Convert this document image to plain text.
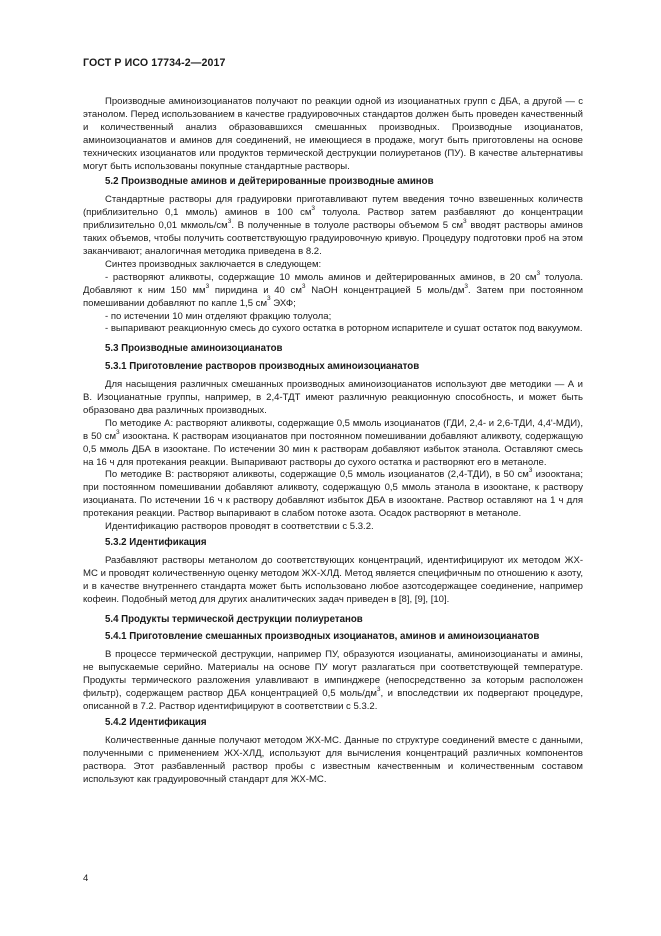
ГОСТ Р ИСО 17734-2—2017

Производные аминоизоцианатов получают по реакции одной из изоцианатных групп с ДБА, а другой — с этанолом. Перед использованием в качестве градуировочных стандартов должен быть проведен качественный и количественный анализ образовавшихся смешанных производных. Производные изоцианатов, аминоизоцианатов и аминов для соединений, не имеющиеся в продаже, могут быть приготовлены на основе технических изоцианатов или продуктов термической деструкции полиуретанов (ПУ). В качестве альтернативы могут быть использованы покупные стандартные растворы.

5.2 Производные аминов и дейтерированные производные аминов

Стандартные растворы для градуировки приготавливают путем введения точно взвешенных количеств (приблизительно 0,1 ммоль) аминов в 100 $см^3$ толуола. Раствор затем разбавляют до концентрации приблизительно 0,01 мкмоль/$см^3$. В полученные в толуоле растворы объемом 5 $см^3$ вводят растворы аминов таких объемов, чтобы получить соответствующую градуировочную кривую. Процедуру подготовки проб на этом заканчивают; аналогичная методика приведена в 8.2.

Синтез производных заключается в следующем:

- растворяют аликвоты, содержащие 10 ммоль аминов и дейтерированных аминов, в 20 $см^3$ толуола. Добавляют к ним 150 $мм^3$ пиридина и 40 $см^3$ NaOH концентрацией 5 моль/$дм^3$. Затем при постоянном помешивании добавляют по капле 1,5 $см^3$ ЭХФ;

- по истечении 10 мин отделяют фракцию толуола;

- выпаривают реакционную смесь до сухого остатка в роторном испарителе и сушат остаток под вакуумом.

5.3 Производные аминоизоцианатов
5.3.1 Приготовление растворов производных аминоизоцианатов

Для насыщения различных смешанных производных аминоизоцианатов используют две методики — А и В. Изоцианатные группы, например, в 2,4-ТДТ имеют различную реакционную способность, и может быть образовано два различных производных.

По методике А: растворяют аликвоты, содержащие 0,5 ммоль изоцианатов (ГДИ, 2,4- и 2,6-ТДИ, 4,4'-МДИ), в 50 $см^3$ изооктана. К растворам изоцианатов при постоянном помешивании добавляют аликвоту, содержащую 0,5 ммоль ДБА в изооктане. По истечении 30 мин к растворам добавляют избыток этанола. Оставляют смесь на 16 ч для протекания реакции. Выпаривают растворы до сухого остатка и растворяют его в метаноле.

По методике В: растворяют аликвоты, содержащие 0,5 ммоль изоцианатов (2,4-ТДИ), в 50 $см^3$ изооктана; при постоянном помешивании добавляют аликвоту, содержащую 0,5 ммоль этанола в изооктане, к раствору изоцианата. По истечении 16 ч к раствору добавляют избыток ДБА в изооктане. Раствор оставляют на 1 ч для протекания реакции. Раствор выпаривают в слабом потоке азота. Осадок растворяют в метаноле.

Идентификацию растворов проводят в соответствии с 5.3.2.

5.3.2 Идентификация

Разбавляют растворы метанолом до соответствующих концентраций, идентифицируют их методом ЖХ-МС и проводят количественную оценку методом ЖХ-ХЛД. Метод является специфичным по отношению к азоту, и в качестве внутреннего стандарта может быть использовано любое азотсодержащее соединение, например кофеин. Подобный метод для других аналитических задач приведен в [8], [9], [10].

5.4 Продукты термической деструкции полиуретанов
5.4.1 Приготовление смешанных производных изоцианатов, аминов и аминоизоцианатов

В процессе термической деструкции, например ПУ, образуются изоцианаты, аминоизоцианаты и амины, не выпускаемые серийно. Материалы на основе ПУ могут разлагаться при соответствующей температуре. Продукты термического разложения улавливают в импинджере (непосредственно за которым расположен фильтр), содержащем раствор ДБА концентрацией 0,5 моль/$дм^3$, и впоследствии их подвергают процедуре, описанной в 7.2. Раствор идентифицируют в соответствии с 5.3.2.

5.4.2 Идентификация

Количественные данные получают методом ЖХ-МС. Данные по структуре соединений вместе с данными, полученными с применением ЖХ-ХЛД, используют для вычисления концентраций различных компонентов раствора. Этот разбавленный раствор пробы с известным качественным и количественным составом используют как градуировочный стандарт для ЖХ-МС.

4
